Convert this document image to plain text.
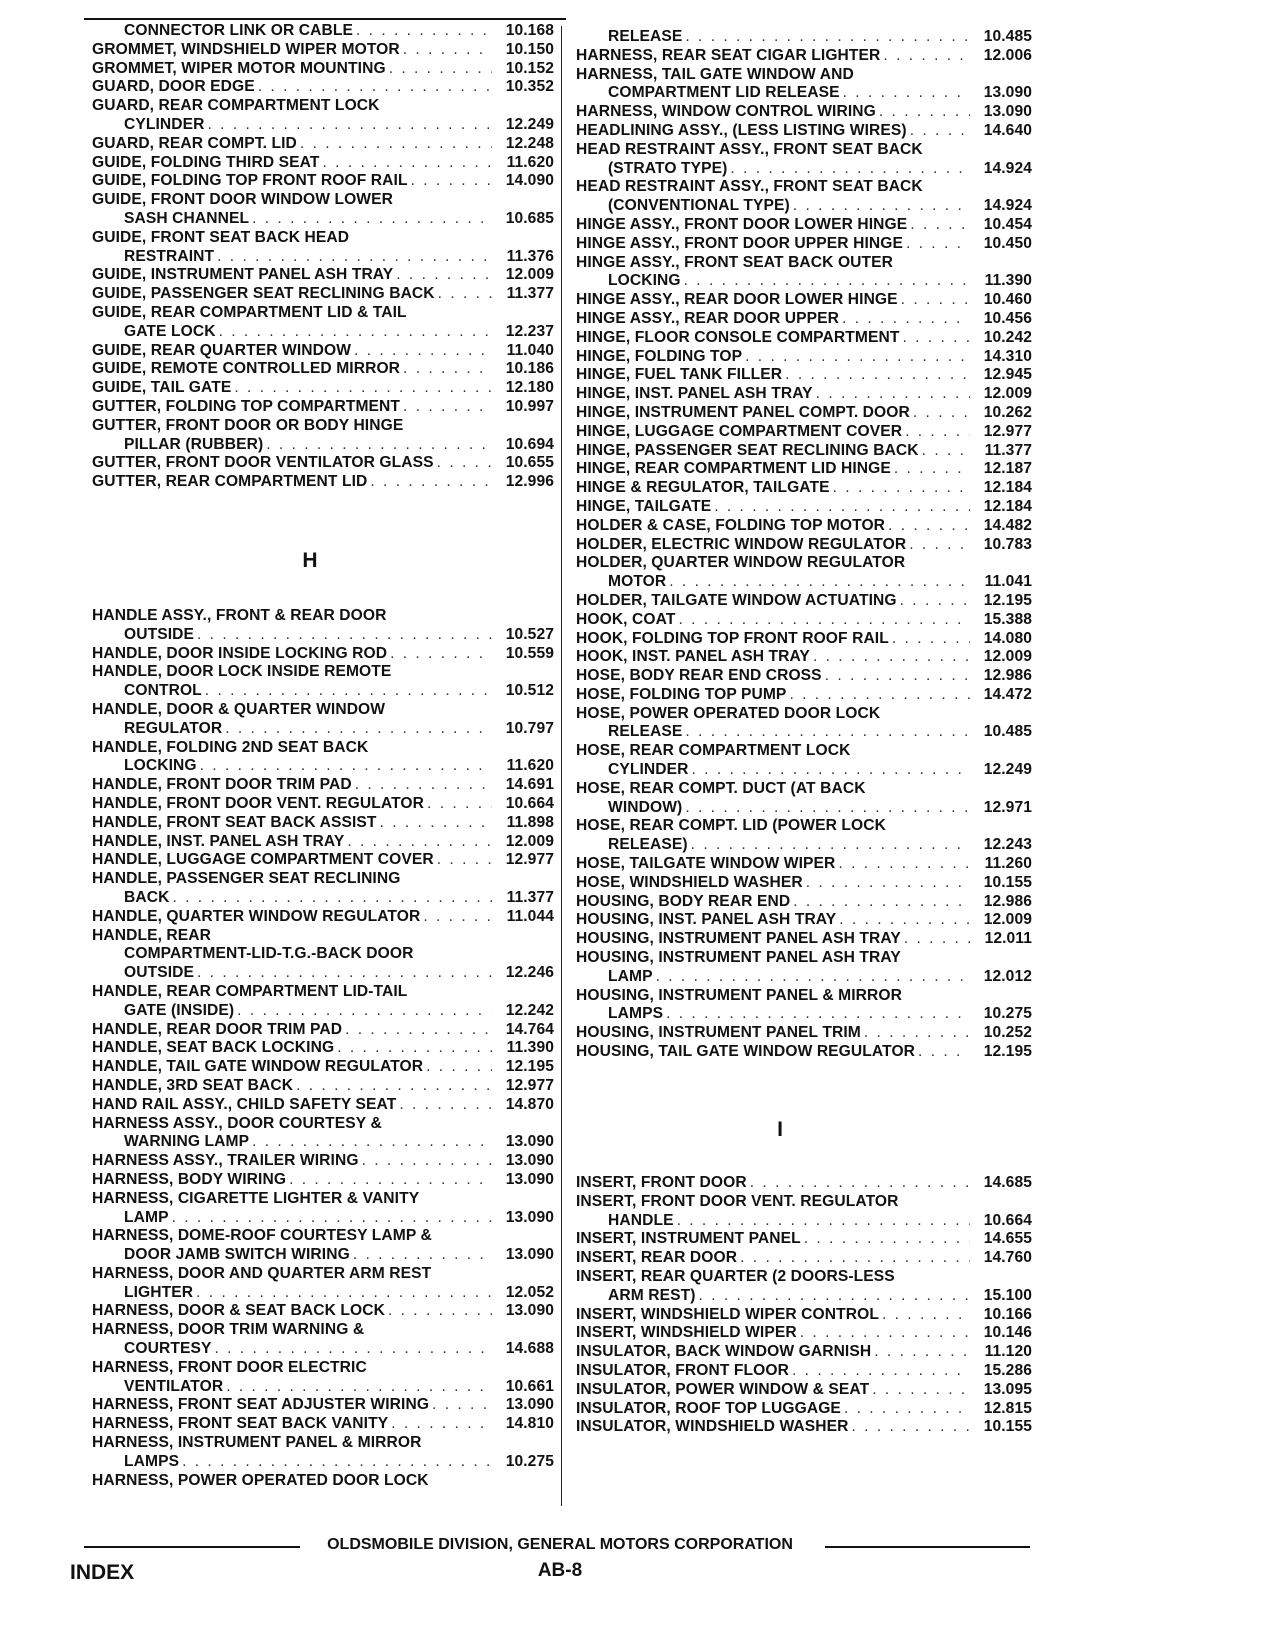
CONNECTOR LINK OR CABLE . . .	10.168
GROMMET, WINDSHIELD WIPER MOTOR . . .	10.150
GROMMET, WIPER MOTOR MOUNTING . . .	10.152
GUARD, DOOR EDGE . . .	10.352
GUARD, REAR COMPARTMENT LOCK
CYLINDER . . .	12.249
GUARD, REAR COMPT. LID . . .	12.248
GUIDE, FOLDING THIRD SEAT . . .	11.620
GUIDE, FOLDING TOP FRONT ROOF RAIL . . .	14.090
GUIDE, FRONT DOOR WINDOW LOWER
SASH CHANNEL . . .	10.685
GUIDE, FRONT SEAT BACK HEAD
RESTRAINT . . .	11.376
GUIDE, INSTRUMENT PANEL ASH TRAY . . .	12.009
GUIDE, PASSENGER SEAT RECLINING BACK . . .	11.377
GUIDE, REAR COMPARTMENT LID & TAIL
GATE LOCK . . .	12.237
GUIDE, REAR QUARTER WINDOW . . .	11.040
GUIDE, REMOTE CONTROLLED MIRROR . . .	10.186
GUIDE, TAIL GATE . . .	12.180
GUTTER, FOLDING TOP COMPARTMENT . . .	10.997
GUTTER, FRONT DOOR OR BODY HINGE
PILLAR (RUBBER) . . .	10.694
GUTTER, FRONT DOOR VENTILATOR GLASS . . .	10.655
GUTTER, REAR COMPARTMENT LID . . .	12.996
H
HANDLE ASSY., FRONT & REAR DOOR
OUTSIDE . . .	10.527
HANDLE, DOOR INSIDE LOCKING ROD . . .	10.559
HANDLE, DOOR LOCK INSIDE REMOTE
CONTROL . . .	10.512
HANDLE, DOOR & QUARTER WINDOW
REGULATOR . . .	10.797
HANDLE, FOLDING 2ND SEAT BACK
LOCKING . . .	11.620
HANDLE, FRONT DOOR TRIM PAD . . .	14.691
HANDLE, FRONT DOOR VENT. REGULATOR . . .	10.664
HANDLE, FRONT SEAT BACK ASSIST . . .	11.898
HANDLE, INST. PANEL ASH TRAY . . .	12.009
HANDLE, LUGGAGE COMPARTMENT COVER . . .	12.977
HANDLE, PASSENGER SEAT RECLINING
BACK . . .	11.377
HANDLE, QUARTER WINDOW REGULATOR . . .	11.044
HANDLE, REAR
COMPARTMENT-LID-T.G.-BACK DOOR
OUTSIDE . . .	12.246
HANDLE, REAR COMPARTMENT LID-TAIL
GATE (INSIDE) . . .	12.242
HANDLE, REAR DOOR TRIM PAD . . .	14.764
HANDLE, SEAT BACK LOCKING . . .	11.390
HANDLE, TAIL GATE WINDOW REGULATOR . . .	12.195
HANDLE, 3RD SEAT BACK . . .	12.977
HAND RAIL ASSY., CHILD SAFETY SEAT . . .	14.870
HARNESS ASSY., DOOR COURTESY &
WARNING LAMP . . .	13.090
HARNESS ASSY., TRAILER WIRING . . .	13.090
HARNESS, BODY WIRING . . .	13.090
HARNESS, CIGARETTE LIGHTER & VANITY
LAMP . . .	13.090
HARNESS, DOME-ROOF COURTESY LAMP &
DOOR JAMB SWITCH WIRING . . .	13.090
HARNESS, DOOR AND QUARTER ARM REST
LIGHTER . . .	12.052
HARNESS, DOOR & SEAT BACK LOCK . . .	13.090
HARNESS, DOOR TRIM WARNING &
COURTESY . . .	14.688
HARNESS, FRONT DOOR ELECTRIC
VENTILATOR . . .	10.661
HARNESS, FRONT SEAT ADJUSTER WIRING . . .	13.090
HARNESS, FRONT SEAT BACK VANITY . . .	14.810
HARNESS, INSTRUMENT PANEL & MIRROR
LAMPS . . .	10.275
HARNESS, POWER OPERATED DOOR LOCK
RELEASE . . .	10.485
HARNESS, REAR SEAT CIGAR LIGHTER . . .	12.006
HARNESS, TAIL GATE WINDOW AND
COMPARTMENT LID RELEASE . . .	13.090
HARNESS, WINDOW CONTROL WIRING . . .	13.090
HEADLINING ASSY., (LESS LISTING WIRES) . . .	14.640
HEAD RESTRAINT ASSY., FRONT SEAT BACK
(STRATO TYPE) . . .	14.924
HEAD RESTRAINT ASSY., FRONT SEAT BACK
(CONVENTIONAL TYPE) . . .	14.924
HINGE ASSY., FRONT DOOR LOWER HINGE . . .	10.454
HINGE ASSY., FRONT DOOR UPPER HINGE . . .	10.450
HINGE ASSY., FRONT SEAT BACK OUTER
LOCKING . . .	11.390
HINGE ASSY., REAR DOOR LOWER HINGE . . .	10.460
HINGE ASSY., REAR DOOR UPPER . . .	10.456
HINGE, FLOOR CONSOLE COMPARTMENT . . .	10.242
HINGE, FOLDING TOP . . .	14.310
HINGE, FUEL TANK FILLER . . .	12.945
HINGE, INST. PANEL ASH TRAY . . .	12.009
HINGE, INSTRUMENT PANEL COMPT. DOOR . . .	10.262
HINGE, LUGGAGE COMPARTMENT COVER . . .	12.977
HINGE, PASSENGER SEAT RECLINING BACK . . .	11.377
HINGE, REAR COMPARTMENT LID HINGE . . .	12.187
HINGE & REGULATOR, TAILGATE . . .	12.184
HINGE, TAILGATE . . .	12.184
HOLDER & CASE, FOLDING TOP MOTOR . . .	14.482
HOLDER, ELECTRIC WINDOW REGULATOR . . .	10.783
HOLDER, QUARTER WINDOW REGULATOR
MOTOR . . .	11.041
HOLDER, TAILGATE WINDOW ACTUATING . . .	12.195
HOOK, COAT . . .	15.388
HOOK, FOLDING TOP FRONT ROOF RAIL . . .	14.080
HOOK, INST. PANEL ASH TRAY . . .	12.009
HOSE, BODY REAR END CROSS . . .	12.986
HOSE, FOLDING TOP PUMP . . .	14.472
HOSE, POWER OPERATED DOOR LOCK
RELEASE . . .	10.485
HOSE, REAR COMPARTMENT LOCK
CYLINDER . . .	12.249
HOSE, REAR COMPT. DUCT (AT BACK
WINDOW) . . .	12.971
HOSE, REAR COMPT. LID (POWER LOCK
RELEASE) . . .	12.243
HOSE, TAILGATE WINDOW WIPER . . .	11.260
HOSE, WINDSHIELD WASHER . . .	10.155
HOUSING, BODY REAR END . . .	12.986
HOUSING, INST. PANEL ASH TRAY . . .	12.009
HOUSING, INSTRUMENT PANEL ASH TRAY . . .	12.011
HOUSING, INSTRUMENT PANEL ASH TRAY
LAMP . . .	12.012
HOUSING, INSTRUMENT PANEL & MIRROR
LAMPS . . .	10.275
HOUSING, INSTRUMENT PANEL TRIM . . .	10.252
HOUSING, TAIL GATE WINDOW REGULATOR . . .	12.195
I
INSERT, FRONT DOOR . . .	14.685
INSERT, FRONT DOOR VENT. REGULATOR
HANDLE . . .	10.664
INSERT, INSTRUMENT PANEL . . .	14.655
INSERT, REAR DOOR . . .	14.760
INSERT, REAR QUARTER (2 DOORS-LESS
ARM REST) . . .	15.100
INSERT, WINDSHIELD WIPER CONTROL . . .	10.166
INSERT, WINDSHIELD WIPER . . .	10.146
INSULATOR, BACK WINDOW GARNISH . . .	11.120
INSULATOR, FRONT FLOOR . . .	15.286
INSULATOR, POWER WINDOW & SEAT . . .	13.095
INSULATOR, ROOF TOP LUGGAGE . . .	12.815
INSULATOR, WINDSHIELD WASHER . . .	10.155
OLDSMOBILE DIVISION, GENERAL MOTORS CORPORATION
INDEX	AB-8
